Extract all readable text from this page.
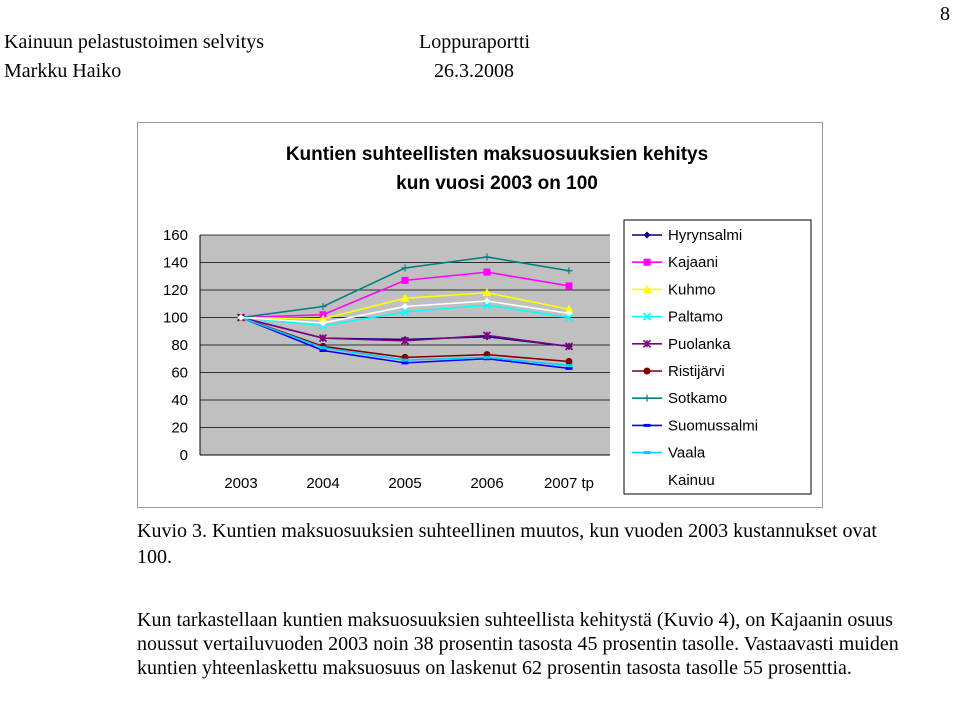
Kainuun pelastustoimen selvitys
Markku Haiko
Loppuraportti
26.3.2008
8
Kuntien suhteellisten maksuosuuksien kehitys
kun vuosi 2003 on 100
0
20
40
60
80
100
120
140
160
2003	2004	2005	2006	2007 tp
Hyrynsalmi
Kajaani
Kuhmo
Paltamo
Puolanka
Ristijärvi
Sotkamo
Suomussalmi
Vaala
Kainuu
Kuvio 3. Kuntien maksuosuuksien suhteellinen muutos, kun vuoden 2003 kustannukset ovat 100.
Kun tarkastellaan kuntien maksuosuuksien suhteellista kehitystä (Kuvio 4), on Kajaanin osuus noussut vertailuvuoden 2003 noin 38 prosentin tasosta 45 prosentin tasolle. Vastaavasti muiden kuntien yhteenlaskettu maksuosuus on laskenut 62 prosentin tasosta tasolle 55 prosenttia.
